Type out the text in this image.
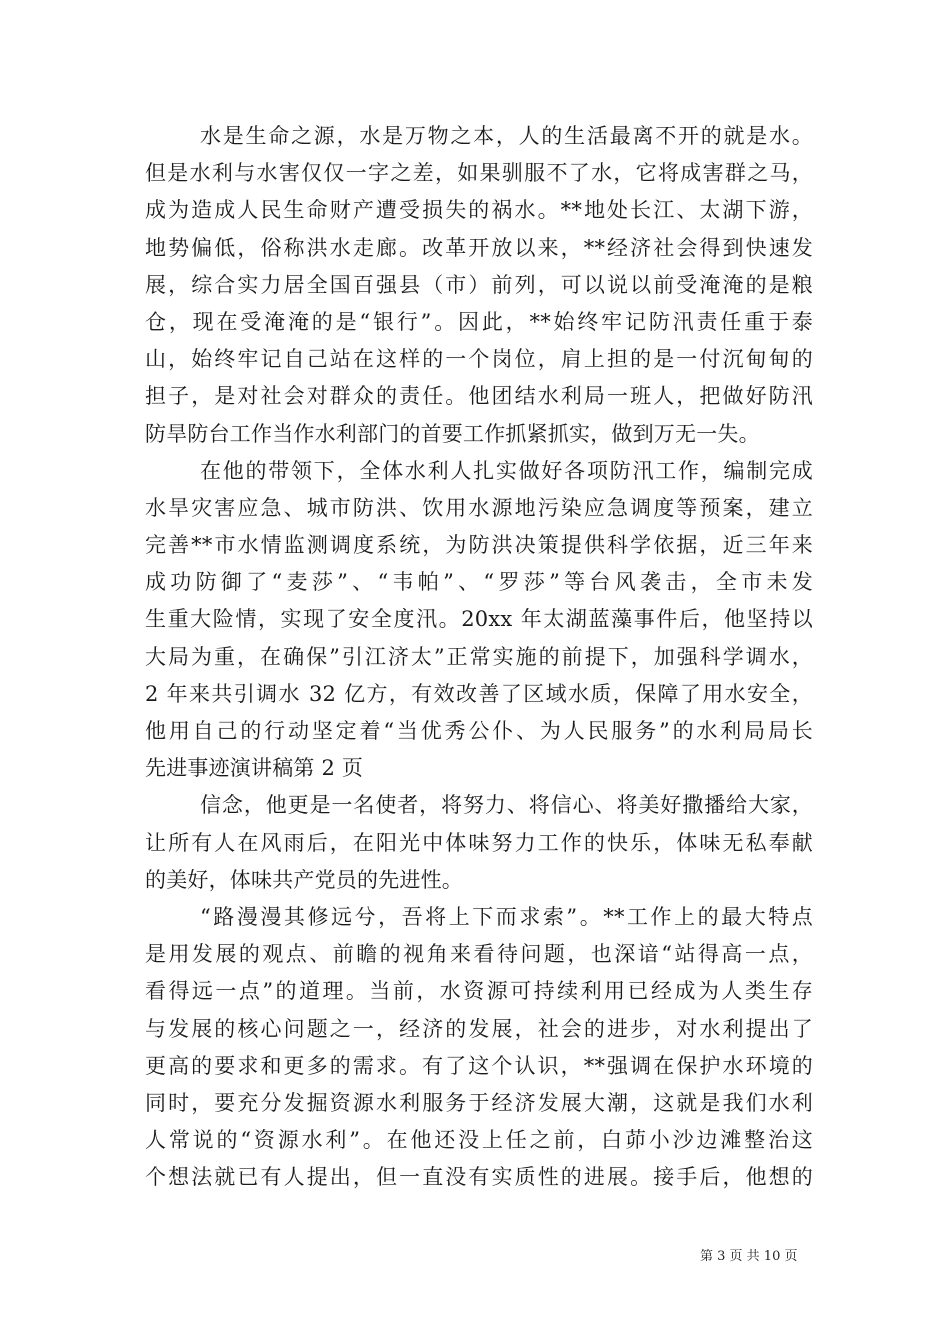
水是生命之源，水是万物之本，人的生活最离不开的就是水。
但是水利与水害仅仅一字之差，如果驯服不了水，它将成害群之马，
成为造成人民生命财产遭受损失的祸水。**地处长江、太湖下游，
地势偏低，俗称洪水走廊。改革开放以来，**经济社会得到快速发
展，综合实力居全国百强县（市）前列，可以说以前受淹淹的是粮
仓，现在受淹淹的是“银行”。因此，**始终牢记防汛责任重于泰
山，始终牢记自己站在这样的一个岗位，肩上担的是一付沉甸甸的
担子，是对社会对群众的责任。他团结水利局一班人，把做好防汛
防旱防台工作当作水利部门的首要工作抓紧抓实，做到万无一失。
在他的带领下，全体水利人扎实做好各项防汛工作，编制完成
水旱灾害应急、城市防洪、饮用水源地污染应急调度等预案，建立
完善**市水情监测调度系统，为防洪决策提供科学依据，近三年来
成功防御了“麦莎”、“韦帕”、“罗莎”等台风袭击，全市未发
生重大险情，实现了安全度汛。20xx 年太湖蓝藻事件后，他坚持以
大局为重，在确保”引江济太”正常实施的前提下，加强科学调水，
2 年来共引调水 32 亿方，有效改善了区域水质，保障了用水安全，
他用自己的行动坚定着“当优秀公仆、为人民服务”的水利局局长
先进事迹演讲稿第 2 页
信念，他更是一名使者，将努力、将信心、将美好撒播给大家，
让所有人在风雨后，在阳光中体味努力工作的快乐，体味无私奉献
的美好，体味共产党员的先进性。
“路漫漫其修远兮，吾将上下而求索”。**工作上的最大特点
是用发展的观点、前瞻的视角来看待问题，也深谙“站得高一点，
看得远一点”的道理。当前，水资源可持续利用已经成为人类生存
与发展的核心问题之一，经济的发展，社会的进步，对水利提出了
更高的要求和更多的需求。有了这个认识，**强调在保护水环境的
同时，要充分发掘资源水利服务于经济发展大潮，这就是我们水利
人常说的“资源水利”。在他还没上任之前，白茆小沙边滩整治这
个想法就已有人提出，但一直没有实质性的进展。接手后，他想的
第 3 页 共 10 页
